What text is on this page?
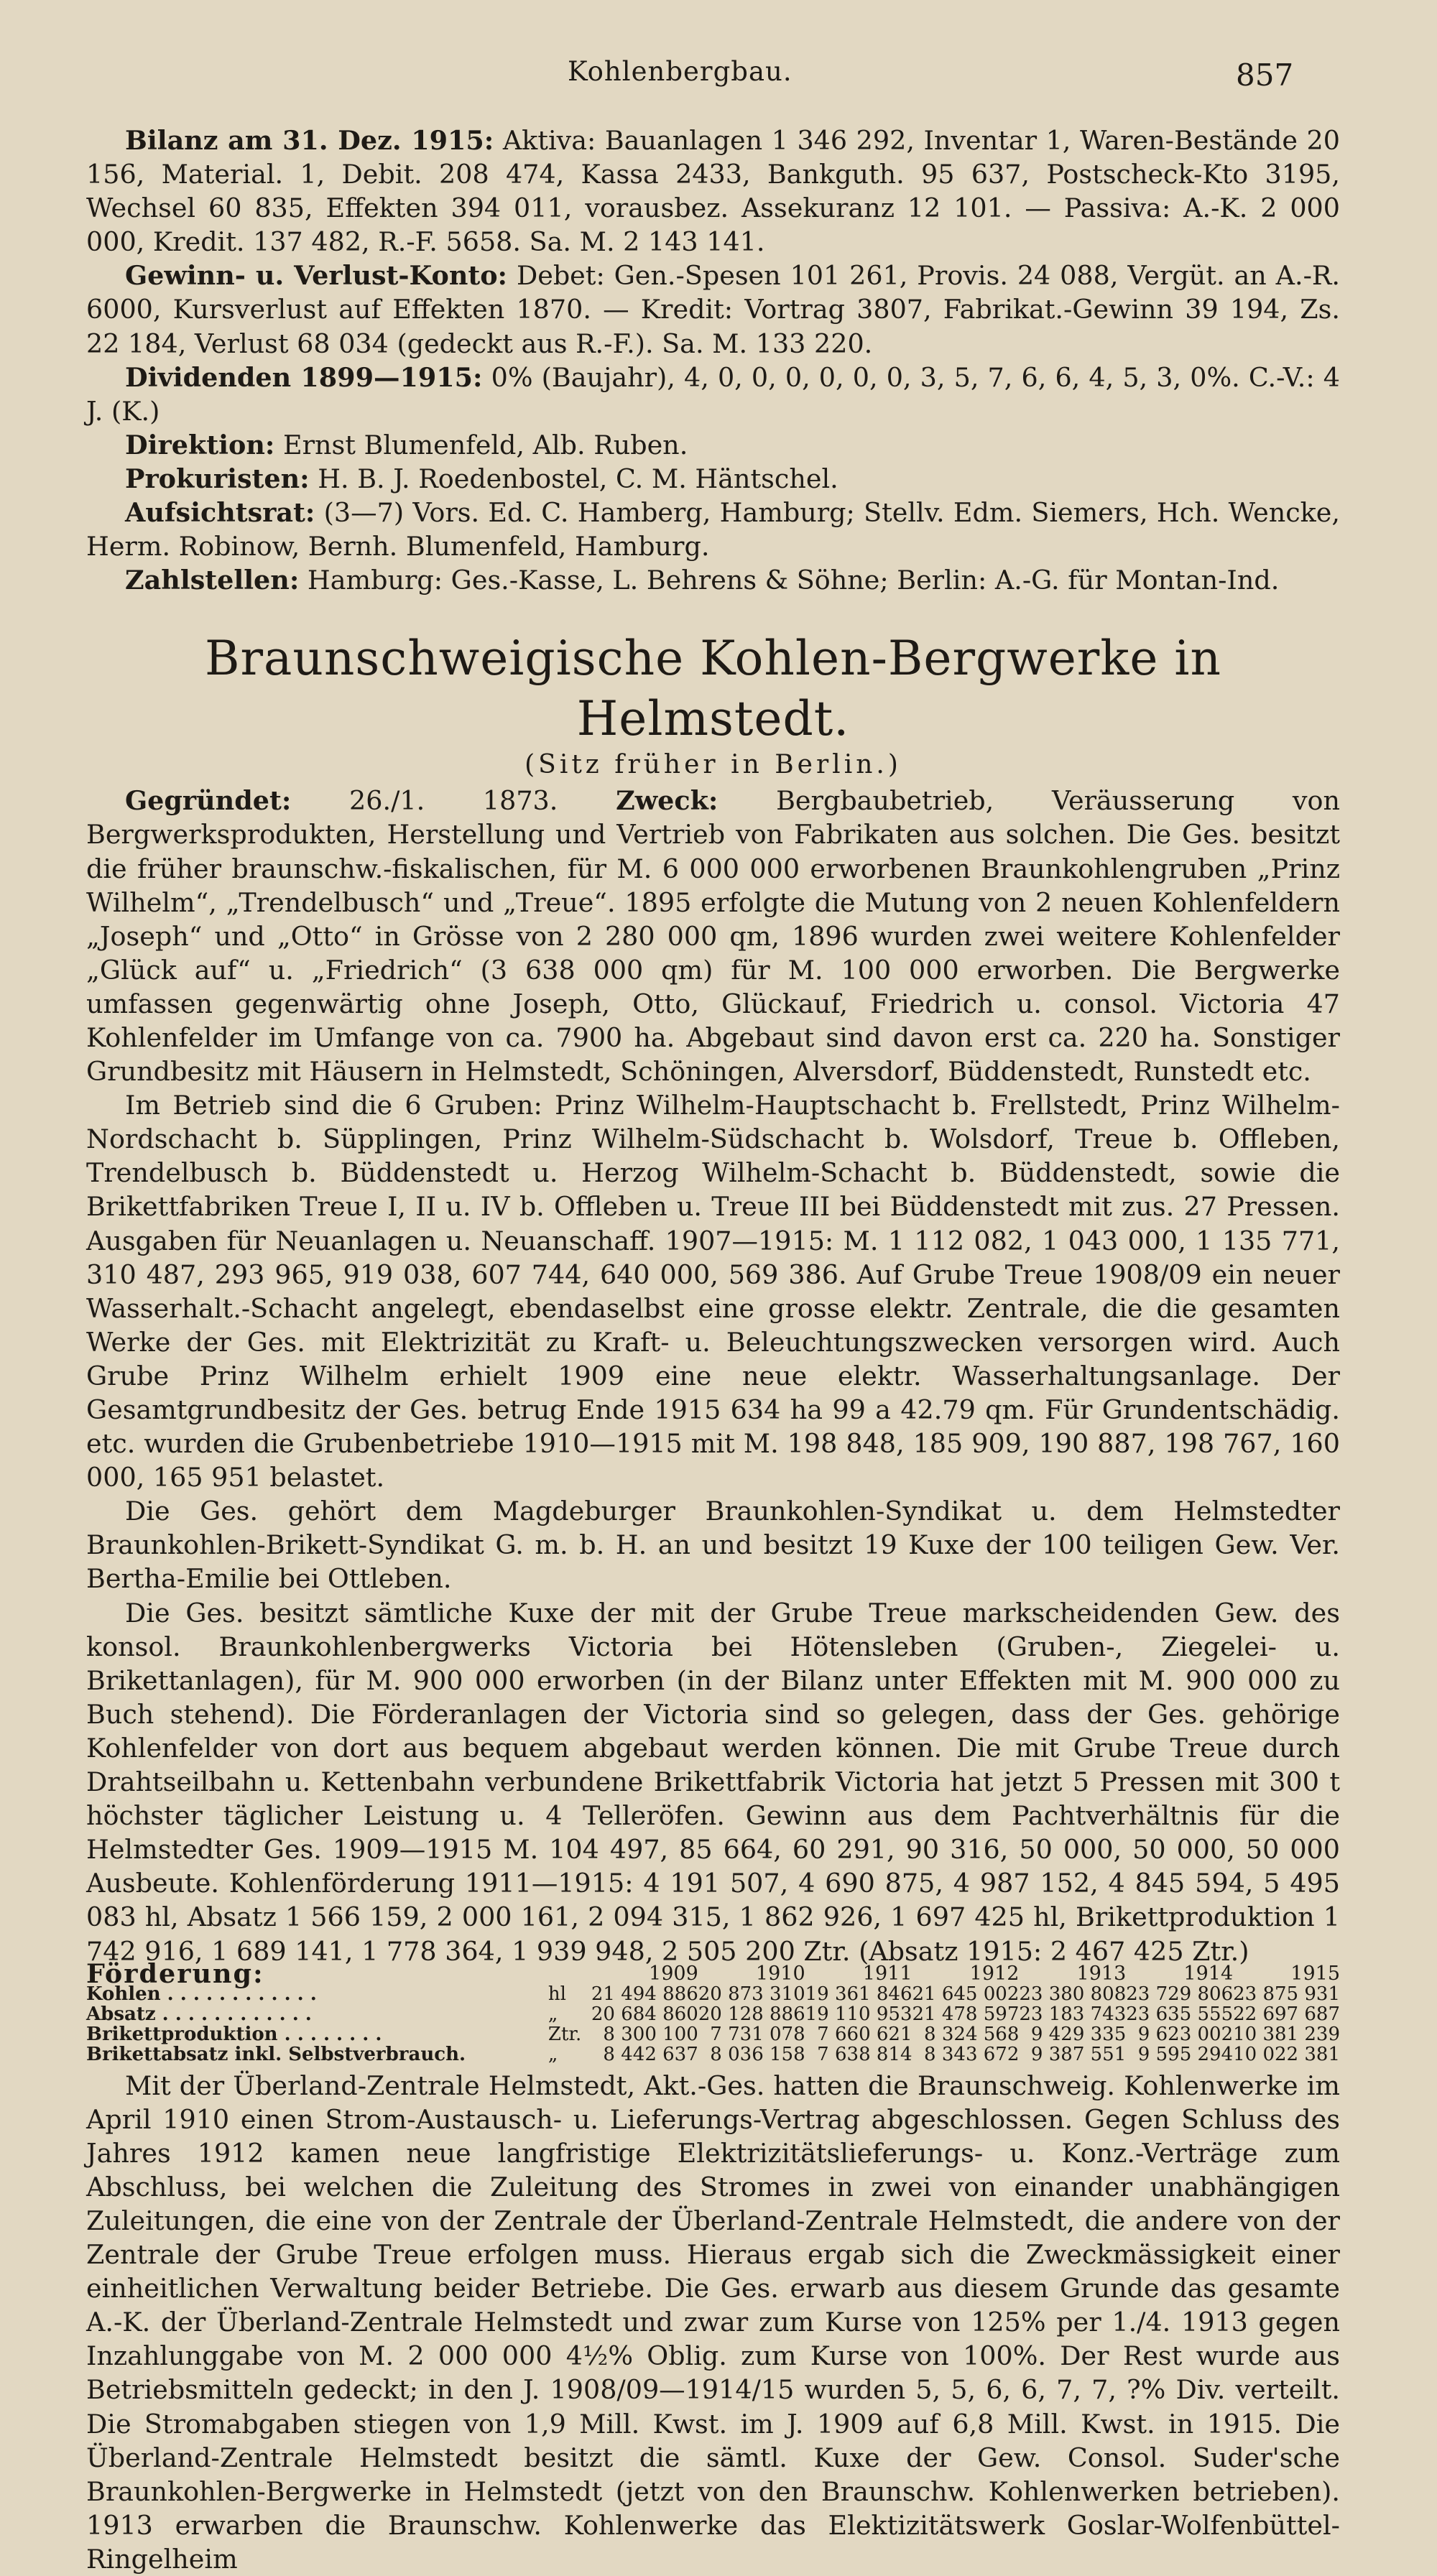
Kohlenbergbau.	857

Bilanz am 31. Dez. 1915: Aktiva: Bauanlagen 1 346 292, Inventar 1, Waren-Bestände 20 156, Material. 1, Debit. 208 474, Kassa 2433, Bankguth. 95 637, Postscheck-Kto 3195, Wechsel 60 835, Effekten 394 011, vorausbez. Assekuranz 12 101. — Passiva: A.-K. 2 000 000, Kredit. 137 482, R.-F. 5658. Sa. M. 2 143 141.

Gewinn- u. Verlust-Konto: Debet: Gen.-Spesen 101 261, Provis. 24 088, Vergüt. an A.-R. 6000, Kursverlust auf Effekten 1870. — Kredit: Vortrag 3807, Fabrikat.-Gewinn 39 194, Zs. 22 184, Verlust 68 034 (gedeckt aus R.-F.). Sa. M. 133 220.

Dividenden 1899—1915: 0% (Baujahr), 4, 0, 0, 0, 0, 0, 0, 3, 5, 7, 6, 6, 4, 5, 3, 0%. C.-V.: 4 J. (K.)

Direktion: Ernst Blumenfeld, Alb. Ruben.

Prokuristen: H. B. J. Roedenbostel, C. M. Häntschel.

Aufsichtsrat: (3—7) Vors. Ed. C. Hamberg, Hamburg; Stellv. Edm. Siemers, Hch. Wencke, Herm. Robinow, Bernh. Blumenfeld, Hamburg.

Zahlstellen: Hamburg: Ges.-Kasse, L. Behrens & Söhne; Berlin: A.-G. für Montan-Ind.

Braunschweigische Kohlen-Bergwerke in Helmstedt.
(Sitz früher in Berlin.)

Gegründet: 26./1. 1873. Zweck: Bergbaubetrieb, Veräusserung von Bergwerksprodukten, Herstellung und Vertrieb von Fabrikaten aus solchen. Die Ges. besitzt die früher braunschw.-fiskalischen, für M. 6 000 000 erworbenen Braunkohlengruben „Prinz Wilhelm“, „Trendelbusch“ und „Treue“. 1895 erfolgte die Mutung von 2 neuen Kohlenfeldern „Joseph“ und „Otto“ in Grösse von 2 280 000 qm, 1896 wurden zwei weitere Kohlenfelder „Glück auf“ u. „Friedrich“ (3 638 000 qm) für M. 100 000 erworben. Die Bergwerke umfassen gegenwärtig ohne Joseph, Otto, Glückauf, Friedrich u. consol. Victoria 47 Kohlenfelder im Umfange von ca. 7900 ha. Abgebaut sind davon erst ca. 220 ha. Sonstiger Grundbesitz mit Häusern in Helmstedt, Schöningen, Alversdorf, Büddenstedt, Runstedt etc.

Im Betrieb sind die 6 Gruben: Prinz Wilhelm-Hauptschacht b. Frellstedt, Prinz Wilhelm-Nordschacht b. Süpplingen, Prinz Wilhelm-Südschacht b. Wolsdorf, Treue b. Offleben, Trendelbusch b. Büddenstedt u. Herzog Wilhelm-Schacht b. Büddenstedt, sowie die Brikettfabriken Treue I, II u. IV b. Offleben u. Treue III bei Büddenstedt mit zus. 27 Pressen. Ausgaben für Neuanlagen u. Neuanschaff. 1907—1915: M. 1 112 082, 1 043 000, 1 135 771, 310 487, 293 965, 919 038, 607 744, 640 000, 569 386. Auf Grube Treue 1908/09 ein neuer Wasserhalt.-Schacht angelegt, ebendaselbst eine grosse elektr. Zentrale, die die gesamten Werke der Ges. mit Elektrizität zu Kraft- u. Beleuchtungszwecken versorgen wird. Auch Grube Prinz Wilhelm erhielt 1909 eine neue elektr. Wasserhaltungsanlage. Der Gesamtgrundbesitz der Ges. betrug Ende 1915 634 ha 99 a 42.79 qm. Für Grundentschädig. etc. wurden die Grubenbetriebe 1910—1915 mit M. 198 848, 185 909, 190 887, 198 767, 160 000, 165 951 belastet.

Die Ges. gehört dem Magdeburger Braunkohlen-Syndikat u. dem Helmstedter Braunkohlen-Brikett-Syndikat G. m. b. H. an und besitzt 19 Kuxe der 100 teiligen Gew. Ver. Bertha-Emilie bei Ottleben.

Die Ges. besitzt sämtliche Kuxe der mit der Grube Treue markscheidenden Gew. des konsol. Braunkohlenbergwerks Victoria bei Hötensleben (Gruben-, Ziegelei- u. Brikettanlagen), für M. 900 000 erworben (in der Bilanz unter Effekten mit M. 900 000 zu Buch stehend). Die Förderanlagen der Victoria sind so gelegen, dass der Ges. gehörige Kohlenfelder von dort aus bequem abgebaut werden können. Die mit Grube Treue durch Drahtseilbahn u. Kettenbahn verbundene Brikettfabrik Victoria hat jetzt 5 Pressen mit 300 t höchster täglicher Leistung u. 4 Telleröfen. Gewinn aus dem Pachtverhältnis für die Helmstedter Ges. 1909—1915 M. 104 497, 85 664, 60 291, 90 316, 50 000, 50 000, 50 000 Ausbeute. Kohlenförderung 1911—1915: 4 191 507, 4 690 875, 4 987 152, 4 845 594, 5 495 083 hl, Absatz 1 566 159, 2 000 161, 2 094 315, 1 862 926, 1 697 425 hl, Brikettproduktion 1 742 916, 1 689 141, 1 778 364, 1 939 948, 2 505 200 Ztr. (Absatz 1915: 2 467 425 Ztr.)

Förderung:		1909	1910	1911	1912	1913	1914	1915
Kohlen . . . . . . . . . . . .	hl	21 494 886	20 873 310	19 361 846	21 645 002	23 380 808	23 729 806	23 875 931
Absatz . . . . . . . . . . . .	„	20 684 860	20 128 886	19 110 953	21 478 597	23 183 743	23 635 555	22 697 687
Brikettproduktion . . . . . . . .	Ztr.	8 300 100	7 731 078	7 660 621	8 324 568	9 429 335	9 623 002	10 381 239
Brikettabsatz inkl. Selbstverbrauch.	„	8 442 637	8 036 158	7 638 814	8 343 672	9 387 551	9 595 294	10 022 381

Mit der Überland-Zentrale Helmstedt, Akt.-Ges. hatten die Braunschweig. Kohlenwerke im April 1910 einen Strom-Austausch- u. Lieferungs-Vertrag abgeschlossen. Gegen Schluss des Jahres 1912 kamen neue langfristige Elektrizitätslieferungs- u. Konz.-Verträge zum Abschluss, bei welchen die Zuleitung des Stromes in zwei von einander unabhängigen Zuleitungen, die eine von der Zentrale der Überland-Zentrale Helmstedt, die andere von der Zentrale der Grube Treue erfolgen muss. Hieraus ergab sich die Zweckmässigkeit einer einheitlichen Verwaltung beider Betriebe. Die Ges. erwarb aus diesem Grunde das gesamte A.-K. der Überland-Zentrale Helmstedt und zwar zum Kurse von 125% per 1./4. 1913 gegen Inzahlunggabe von M. 2 000 000 4½% Oblig. zum Kurse von 100%. Der Rest wurde aus Betriebsmitteln gedeckt; in den J. 1908/09—1914/15 wurden 5, 5, 6, 6, 7, 7, ?% Div. verteilt. Die Stromabgaben stiegen von 1,9 Mill. Kwst. im J. 1909 auf 6,8 Mill. Kwst. in 1915. Die Überland-Zentrale Helmstedt besitzt die sämtl. Kuxe der Gew. Consol. Suder'sche Braunkohlen-Bergwerke in Helmstedt (jetzt von den Braunschw. Kohlenwerken betrieben). 1913 erwarben die Braunschw. Kohlenwerke das Elektizitätswerk Goslar-Wolfenbüttel-Ringelheim
